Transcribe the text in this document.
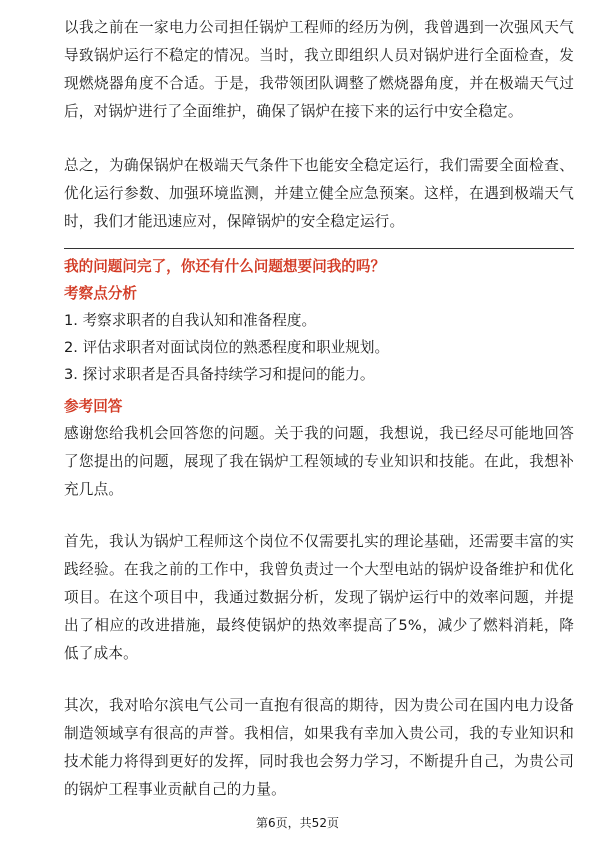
以我之前在一家电力公司担任锅炉工程师的经历为例，我曾遇到一次强风天气导致锅炉运行不稳定的情况。当时，我立即组织人员对锅炉进行全面检查，发现燃烧器角度不合适。于是，我带领团队调整了燃烧器角度，并在极端天气过后，对锅炉进行了全面维护，确保了锅炉在接下来的运行中安全稳定。

总之，为确保锅炉在极端天气条件下也能安全稳定运行，我们需要全面检查、优化运行参数、加强环境监测，并建立健全应急预案。这样，在遇到极端天气时，我们才能迅速应对，保障锅炉的安全稳定运行。

我的问题问完了，你还有什么问题想要问我的吗？

考察点分析

1. 考察求职者的自我认知和准备程度。
2. 评估求职者对面试岗位的熟悉程度和职业规划。
3. 探讨求职者是否具备持续学习和提问的能力。

参考回答

感谢您给我机会回答您的问题。关于我的问题，我想说，我已经尽可能地回答了您提出的问题，展现了我在锅炉工程领域的专业知识和技能。在此，我想补充几点。

首先，我认为锅炉工程师这个岗位不仅需要扎实的理论基础，还需要丰富的实践经验。在我之前的工作中，我曾负责过一个大型电站的锅炉设备维护和优化项目。在这个项目中，我通过数据分析，发现了锅炉运行中的效率问题，并提出了相应的改进措施，最终使锅炉的热效率提高了5%，减少了燃料消耗，降低了成本。

其次，我对哈尔滨电气公司一直抱有很高的期待，因为贵公司在国内电力设备制造领域享有很高的声誉。我相信，如果我有幸加入贵公司，我的专业知识和技术能力将得到更好的发挥，同时我也会努力学习，不断提升自己，为贵公司的锅炉工程事业贡献自己的力量。

第6页，共52页
